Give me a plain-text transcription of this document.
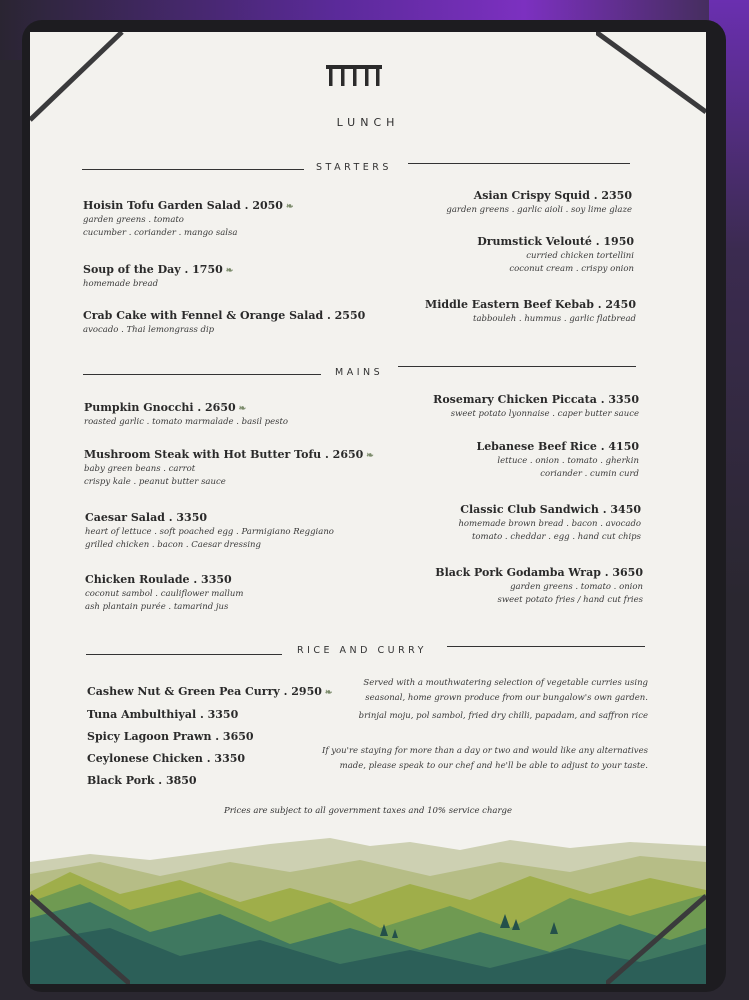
LUNCH
STARTERS
Hoisin Tofu Garden Salad . 2050 ❧
garden greens . tomato
cucumber . coriander . mango salsa
Soup of the Day . 1750 ❧
homemade bread
Crab Cake with Fennel & Orange Salad . 2550
avocado . Thai lemongrass dip
Asian Crispy Squid . 2350
garden greens . garlic aioli . soy lime glaze
Drumstick Velouté . 1950
curried chicken tortellini
coconut cream . crispy onion
Middle Eastern Beef Kebab . 2450
tabbouleh . hummus . garlic flatbread
MAINS
Pumpkin Gnocchi . 2650 ❧
roasted garlic . tomato marmalade . basil pesto
Mushroom Steak with Hot Butter Tofu . 2650 ❧
baby green beans . carrot
crispy kale . peanut butter sauce
Caesar Salad . 3350
heart of lettuce . soft poached egg . Parmigiano Reggiano
grilled chicken . bacon . Caesar dressing
Chicken Roulade . 3350
coconut sambol . cauliflower mallum
ash plantain purée . tamarind jus
Rosemary Chicken Piccata . 3350
sweet potato lyonnaise . caper butter sauce
Lebanese Beef Rice . 4150
lettuce . onion . tomato . gherkin
coriander . cumin curd
Classic Club Sandwich . 3450
homemade brown bread . bacon . avocado
tomato . cheddar . egg . hand cut chips
Black Pork Godamba Wrap . 3650
garden greens . tomato . onion
sweet potato fries / hand cut fries
RICE AND CURRY
Cashew Nut & Green Pea Curry . 2950 ❧
Tuna Ambulthiyal . 3350
Spicy Lagoon Prawn . 3650
Ceylonese Chicken . 3350
Black Pork . 3850
Served with a mouthwatering selection of vegetable curries using
seasonal, home grown produce from our bungalow's own garden.
brinjal moju, pol sambol, fried dry chilli, papadam, and saffron rice
If you're staying for more than a day or two and would like any alternatives
made, please speak to our chef and he'll be able to adjust to your taste.
Prices are subject to all government taxes and 10% service charge
